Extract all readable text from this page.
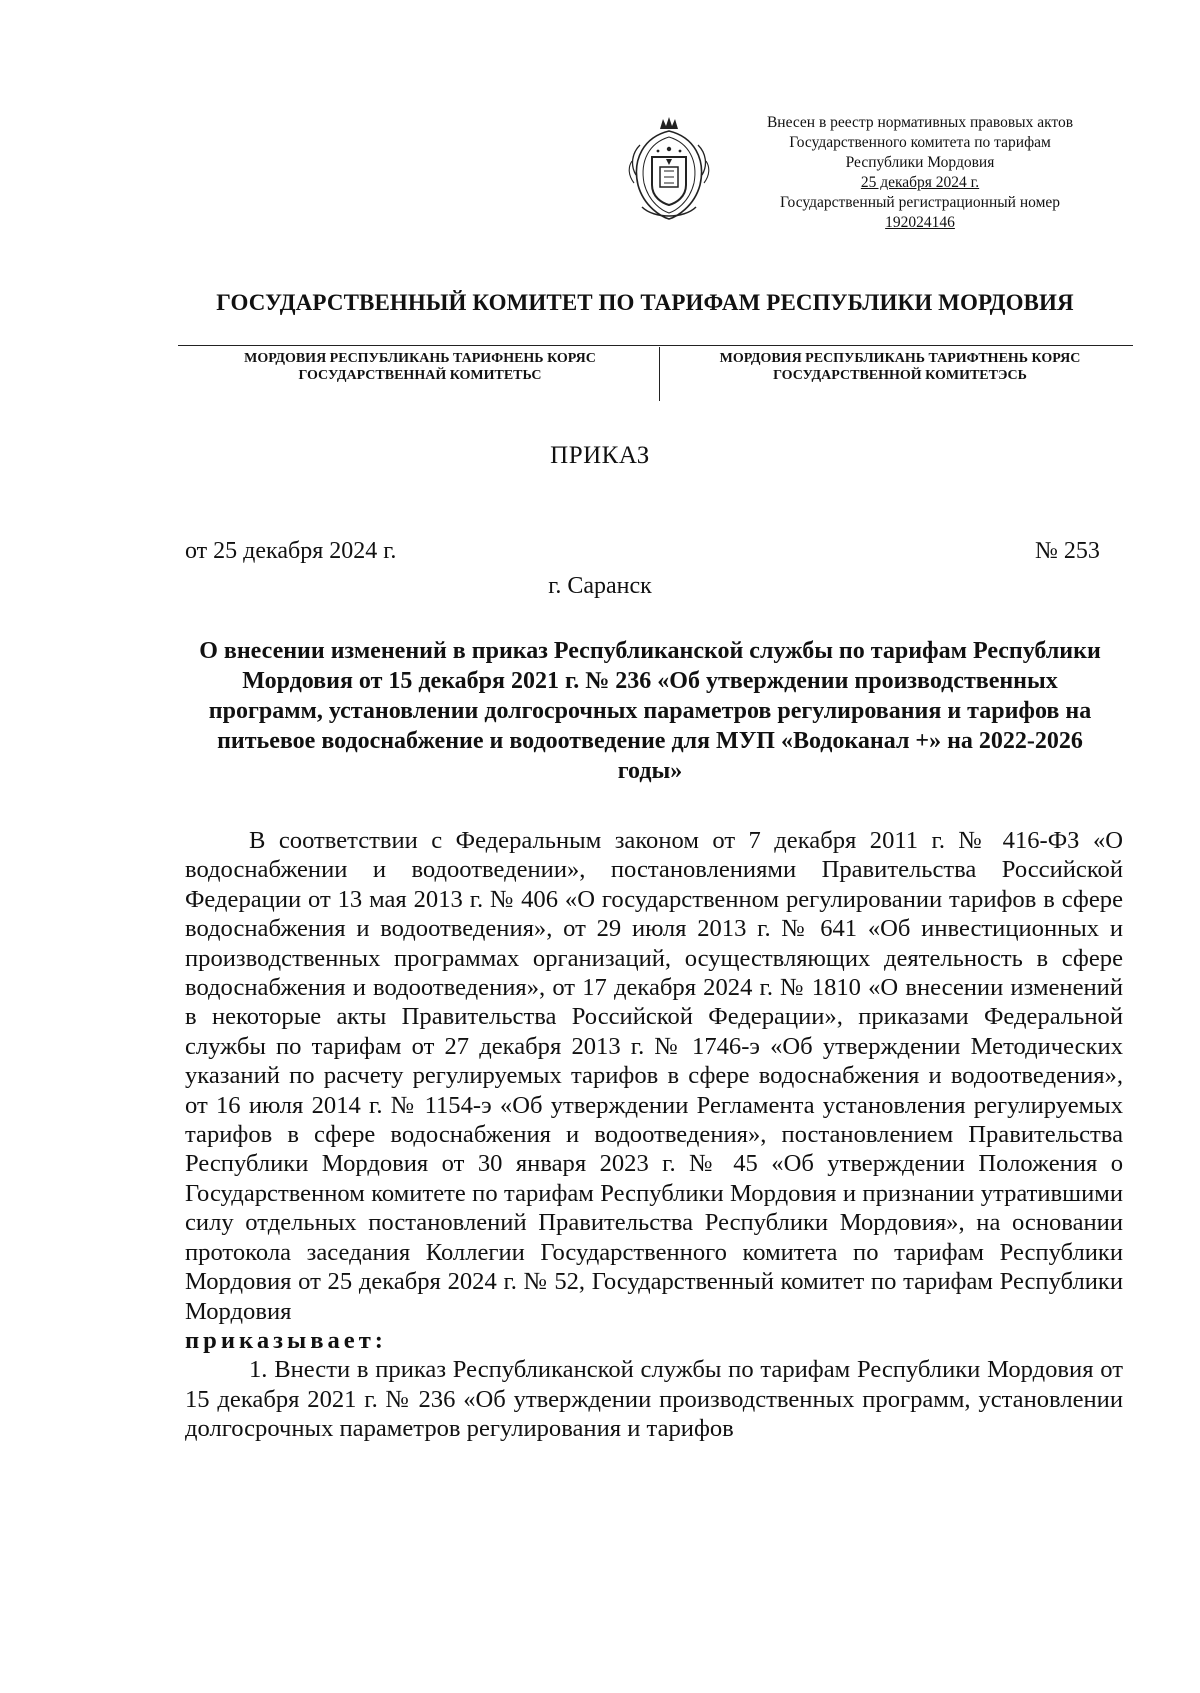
Внесен в реестр нормативных правовых актов
Государственного комитета по тарифам
Республики Мордовия
25 декабря 2024 г.
Государственный регистрационный номер
192024146
ГОСУДАРСТВЕННЫЙ КОМИТЕТ ПО ТАРИФАМ РЕСПУБЛИКИ МОРДОВИЯ
МОРДОВИЯ РЕСПУБЛИКАНЬ ТАРИФНЕНЬ КОРЯС
ГОСУДАРСТВЕННАЙ КОМИТЕТЬС
МОРДОВИЯ РЕСПУБЛИКАНЬ ТАРИФТНЕНЬ КОРЯС
ГОСУДАРСТВЕННОЙ КОМИТЕТЭСЬ
ПРИКАЗ
от 25 декабря 2024 г.	№ 253
г. Саранск
О внесении изменений в приказ Республиканской службы по тарифам Республики Мордовия от 15 декабря 2021 г. № 236 «Об утверждении производственных программ, установлении долгосрочных параметров регулирования и тарифов на питьевое водоснабжение и водоотведение для МУП «Водоканал +» на 2022-2026 годы»

В соответствии с Федеральным законом от 7 декабря 2011 г. № 416-ФЗ «О водоснабжении и водоотведении», постановлениями Правительства Российской Федерации от 13 мая 2013 г. № 406 «О государственном регулировании тарифов в сфере водоснабжения и водоотведения», от 29 июля 2013 г. № 641 «Об инвестиционных и производственных программах организаций, осуществляющих деятельность в сфере водоснабжения и водоотведения», от 17 декабря 2024 г. № 1810 «О внесении изменений в некоторые акты Правительства Российской Федерации», приказами Федеральной службы по тарифам от 27 декабря 2013 г. № 1746-э «Об утверждении Методических указаний по расчету регулируемых тарифов в сфере водоснабжения и водоотведения», от 16 июля 2014 г. № 1154-э «Об утверждении Регламента установления регулируемых тарифов в сфере водоснабжения и водоотведения», постановлением Правительства Республики Мордовия от 30 января 2023 г. № 45 «Об утверждении Положения о Государственном комитете по тарифам Республики Мордовия и признании утратившими силу отдельных постановлений Правительства Республики Мордовия», на основании протокола заседания Коллегии Государственного комитета по тарифам Республики Мордовия от 25 декабря 2024 г. № 52, Государственный комитет по тарифам Республики Мордовия

приказывает:

1. Внести в приказ Республиканской службы по тарифам Республики Мордовия от 15 декабря 2021 г. № 236 «Об утверждении производственных программ, установлении долгосрочных параметров регулирования и тарифов
